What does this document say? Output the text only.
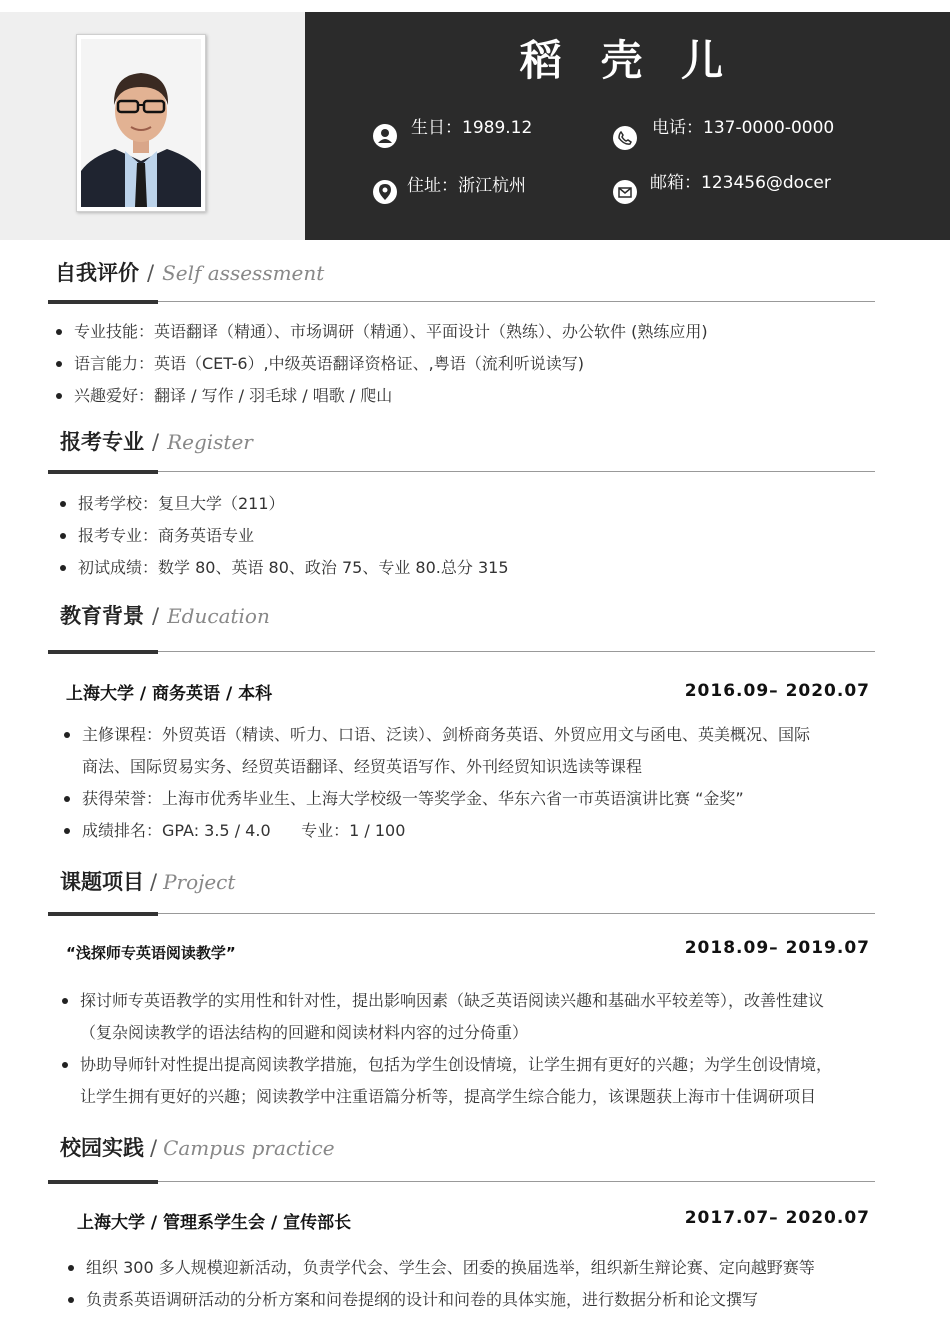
稻 壳 儿
生日：1989.12	电话：137-0000-0000
住址：浙江杭州	邮箱：123456@docer
自我评价 / Self assessment
专业技能：英语翻译（精通）、市场调研（精通）、平面设计（熟练）、办公软件 (熟练应用)
语言能力：英语（CET-6）,中级英语翻译资格证、,粤语（流利听说读写)
兴趣爱好：翻译 / 写作 / 羽毛球 / 唱歌 / 爬山
报考专业 / Register
报考学校：复旦大学（211）
报考专业：商务英语专业
初试成绩：数学 80、英语 80、政治 75、专业 80.总分 315
教育背景 / Education
上海大学 / 商务英语 / 本科	2016.09– 2020.07
主修课程：外贸英语（精读、听力、口语、泛读）、剑桥商务英语、外贸应用文与函电、英美概况、国际
商法、国际贸易实务、经贸英语翻译、经贸英语写作、外刊经贸知识选读等课程
获得荣誉：上海市优秀毕业生、上海大学校级一等奖学金、华东六省一市英语演讲比赛 “金奖”
成绩排名：GPA: 3.5 / 4.0      专业：1 / 100
课题项目 / Project
“浅探师专英语阅读教学”	2018.09– 2019.07
探讨师专英语教学的实用性和针对性，提出影响因素（缺乏英语阅读兴趣和基础水平较差等），改善性建议
（复杂阅读教学的语法结构的回避和阅读材料内容的过分倚重）
协助导师针对性提出提高阅读教学措施，包括为学生创设情境，让学生拥有更好的兴趣；为学生创设情境，
让学生拥有更好的兴趣；阅读教学中注重语篇分析等，提高学生综合能力，该课题获上海市十佳调研项目
校园实践 / Campus practice
上海大学 / 管理系学生会 / 宣传部长	2017.07– 2020.07
组织 300 多人规模迎新活动，负责学代会、学生会、团委的换届选举，组织新生辩论赛、定向越野赛等
负责系英语调研活动的分析方案和问卷提纲的设计和问卷的具体实施，进行数据分析和论文撰写
